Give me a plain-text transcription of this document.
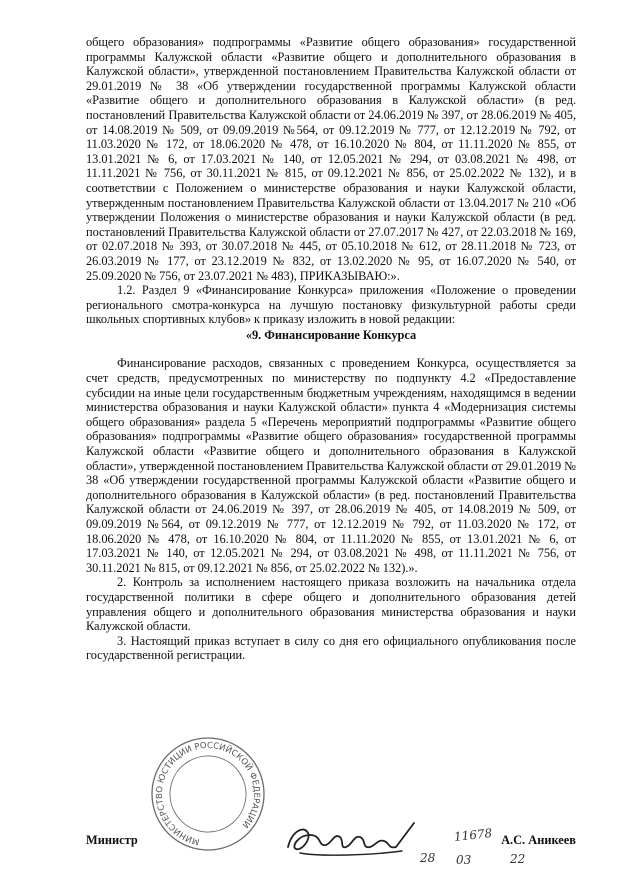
общего образования» подпрограммы «Развитие общего образования» государственной программы Калужской области «Развитие общего и дополнительного образования в Калужской области», утвержденной постановлением Правительства Калужской области от 29.01.2019 № 38 «Об утверждении государственной программы Калужской области «Развитие общего и дополнительного образования в Калужской области» (в ред. постановлений Правительства Калужской области от 24.06.2019 № 397, от 28.06.2019 № 405, от 14.08.2019 № 509, от 09.09.2019 №564, от 09.12.2019 № 777, от 12.12.2019 № 792, от 11.03.2020 № 172, от 18.06.2020 № 478, от 16.10.2020 № 804, от 11.11.2020 № 855, от 13.01.2021 № 6, от 17.03.2021 № 140, от 12.05.2021 № 294, от 03.08.2021 № 498, от 11.11.2021 № 756, от 30.11.2021 № 815, от 09.12.2021 № 856, от 25.02.2022 № 132), и в соответствии с Положением о министерстве образования и науки Калужской области, утвержденным постановлением Правительства Калужской области от 13.04.2017 № 210 «Об утверждении Положения о министерстве образования и науки Калужской области (в ред. постановлений Правительства Калужской области от 27.07.2017 № 427, от 22.03.2018 № 169, от 02.07.2018 № 393, от 30.07.2018 № 445, от 05.10.2018 № 612, от 28.11.2018 № 723, от 26.03.2019 № 177, от 23.12.2019 № 832, от 13.02.2020 № 95, от 16.07.2020 № 540, от 25.09.2020 № 756, от 23.07.2021 № 483), ПРИКАЗЫВАЮ:».

1.2. Раздел 9 «Финансирование Конкурса» приложения «Положение о проведении регионального смотра-конкурса на лучшую постановку физкультурной работы среди школьных спортивных клубов» к приказу изложить в новой редакции:

«9. Финансирование Конкурса

Финансирование расходов, связанных с проведением Конкурса, осуществляется за счет средств, предусмотренных по министерству по подпункту 4.2 «Предоставление субсидии на иные цели государственным бюджетным учреждениям, находящимся в ведении министерства образования и науки Калужской области» пункта 4 «Модернизация системы общего образования» раздела 5 «Перечень мероприятий подпрограммы «Развитие общего образования» подпрограммы «Развитие общего образования» государственной программы Калужской области «Развитие общего и дополнительного образования в Калужской области», утвержденной постановлением Правительства Калужской области от 29.01.2019 № 38 «Об утверждении государственной программы Калужской области «Развитие общего и дополнительного образования в Калужской области» (в ред. постановлений Правительства Калужской области от 24.06.2019 № 397, от 28.06.2019 № 405, от 14.08.2019 № 509, от 09.09.2019 №564, от 09.12.2019 № 777, от 12.12.2019 № 792, от 11.03.2020 № 172, от 18.06.2020 № 478, от 16.10.2020 № 804, от 11.11.2020 № 855, от 13.01.2021 № 6, от 17.03.2021 № 140, от 12.05.2021 № 294, от 03.08.2021 № 498, от 11.11.2021 № 756, от 30.11.2021 № 815, от 09.12.2021 № 856, от 25.02.2022 № 132).».

2. Контроль за исполнением настоящего приказа возложить на начальника отдела государственной политики в сфере общего и дополнительного образования детей управления общего и дополнительного образования министерства образования и науки Калужской области.

3. Настоящий приказ вступает в силу со дня его официального опубликования после государственной регистрации.

МИНИСТЕРСТВО ЮСТИЦИИ РОССИЙСКОЙ ФЕДЕРАЦИИ
Министр	А.С. Аникеев
11678
28 03	22
